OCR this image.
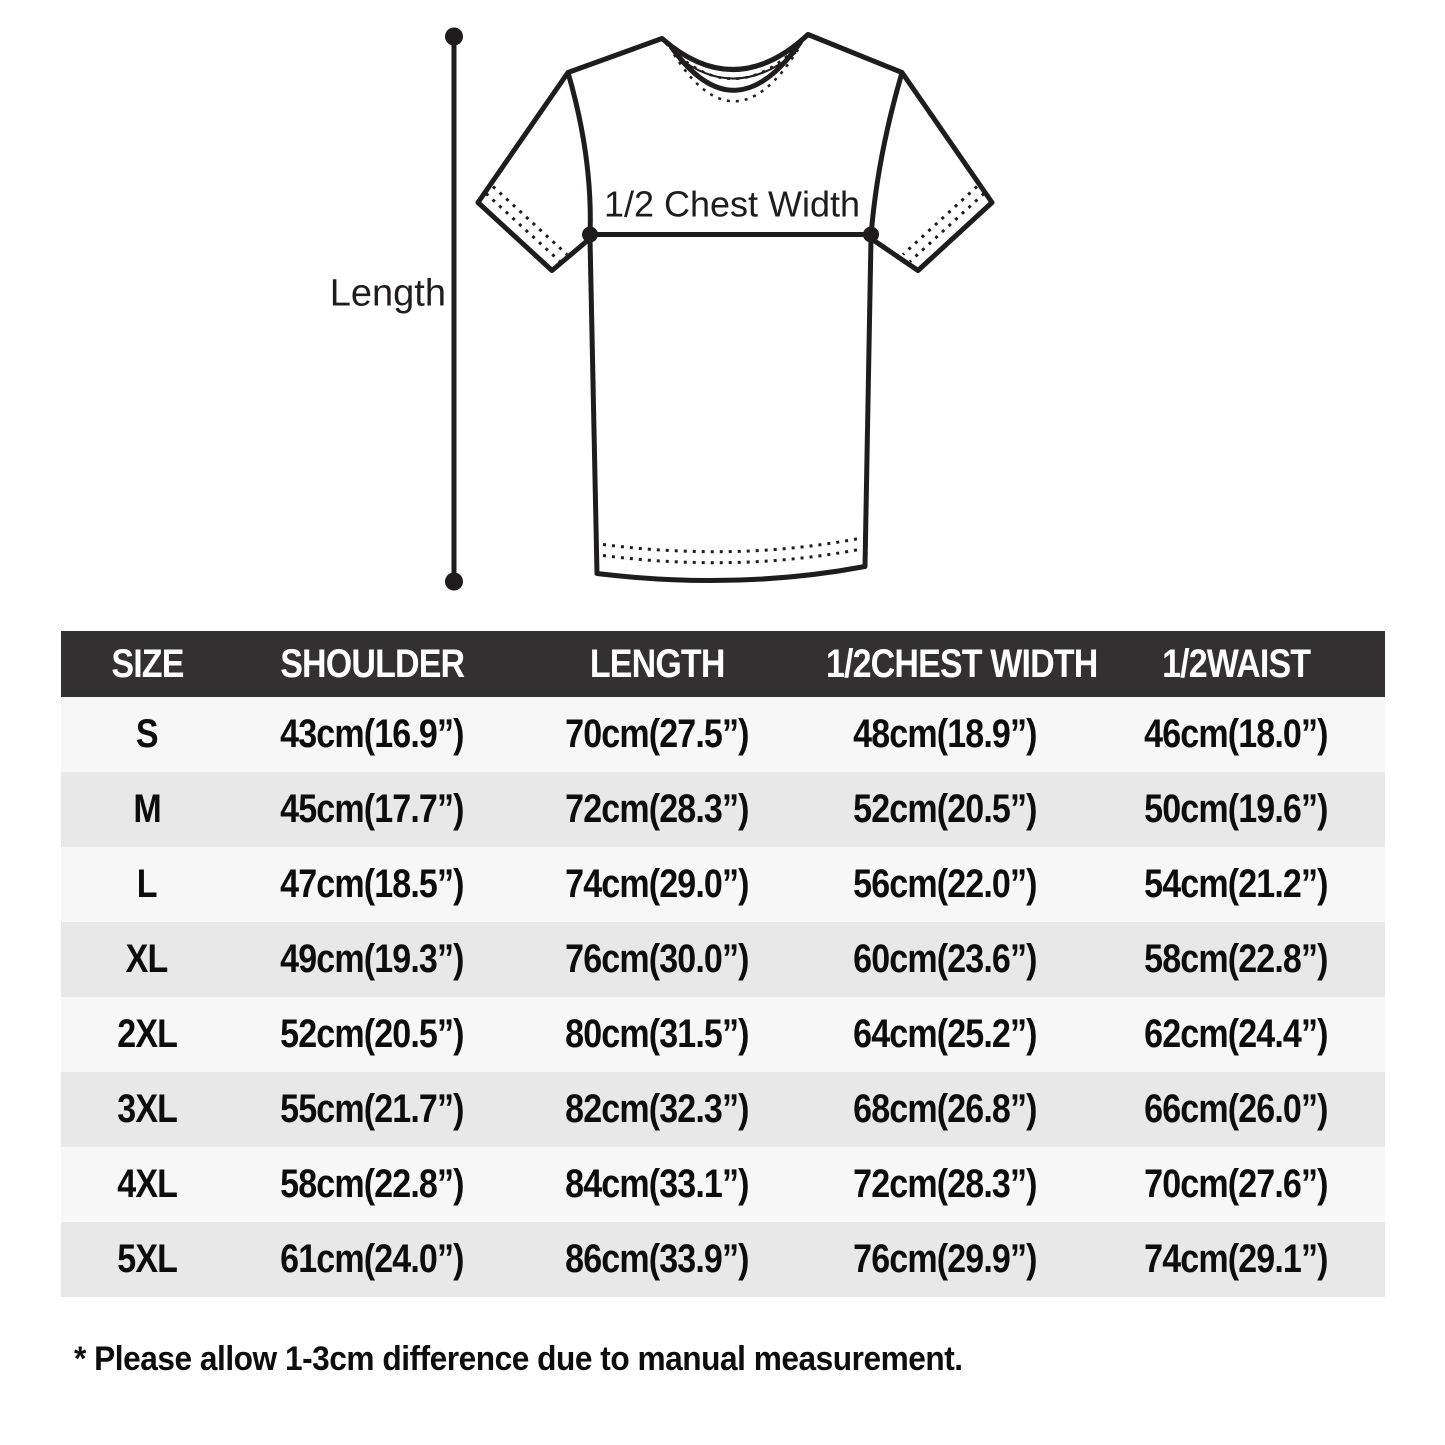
Length
1/2 Chest Width
SIZE	SHOULDER	LENGTH	1/2CHEST WIDTH	1/2WAIST
S	43cm(16.9”)	70cm(27.5”)	48cm(18.9”)	46cm(18.0”)
M	45cm(17.7”)	72cm(28.3”)	52cm(20.5”)	50cm(19.6”)
L	47cm(18.5”)	74cm(29.0”)	56cm(22.0”)	54cm(21.2”)
XL	49cm(19.3”)	76cm(30.0”)	60cm(23.6”)	58cm(22.8”)
2XL	52cm(20.5”)	80cm(31.5”)	64cm(25.2”)	62cm(24.4”)
3XL	55cm(21.7”)	82cm(32.3”)	68cm(26.8”)	66cm(26.0”)
4XL	58cm(22.8”)	84cm(33.1”)	72cm(28.3”)	70cm(27.6”)
5XL	61cm(24.0”)	86cm(33.9”)	76cm(29.9”)	74cm(29.1”)

* Please allow 1-3cm difference due to manual measurement.
